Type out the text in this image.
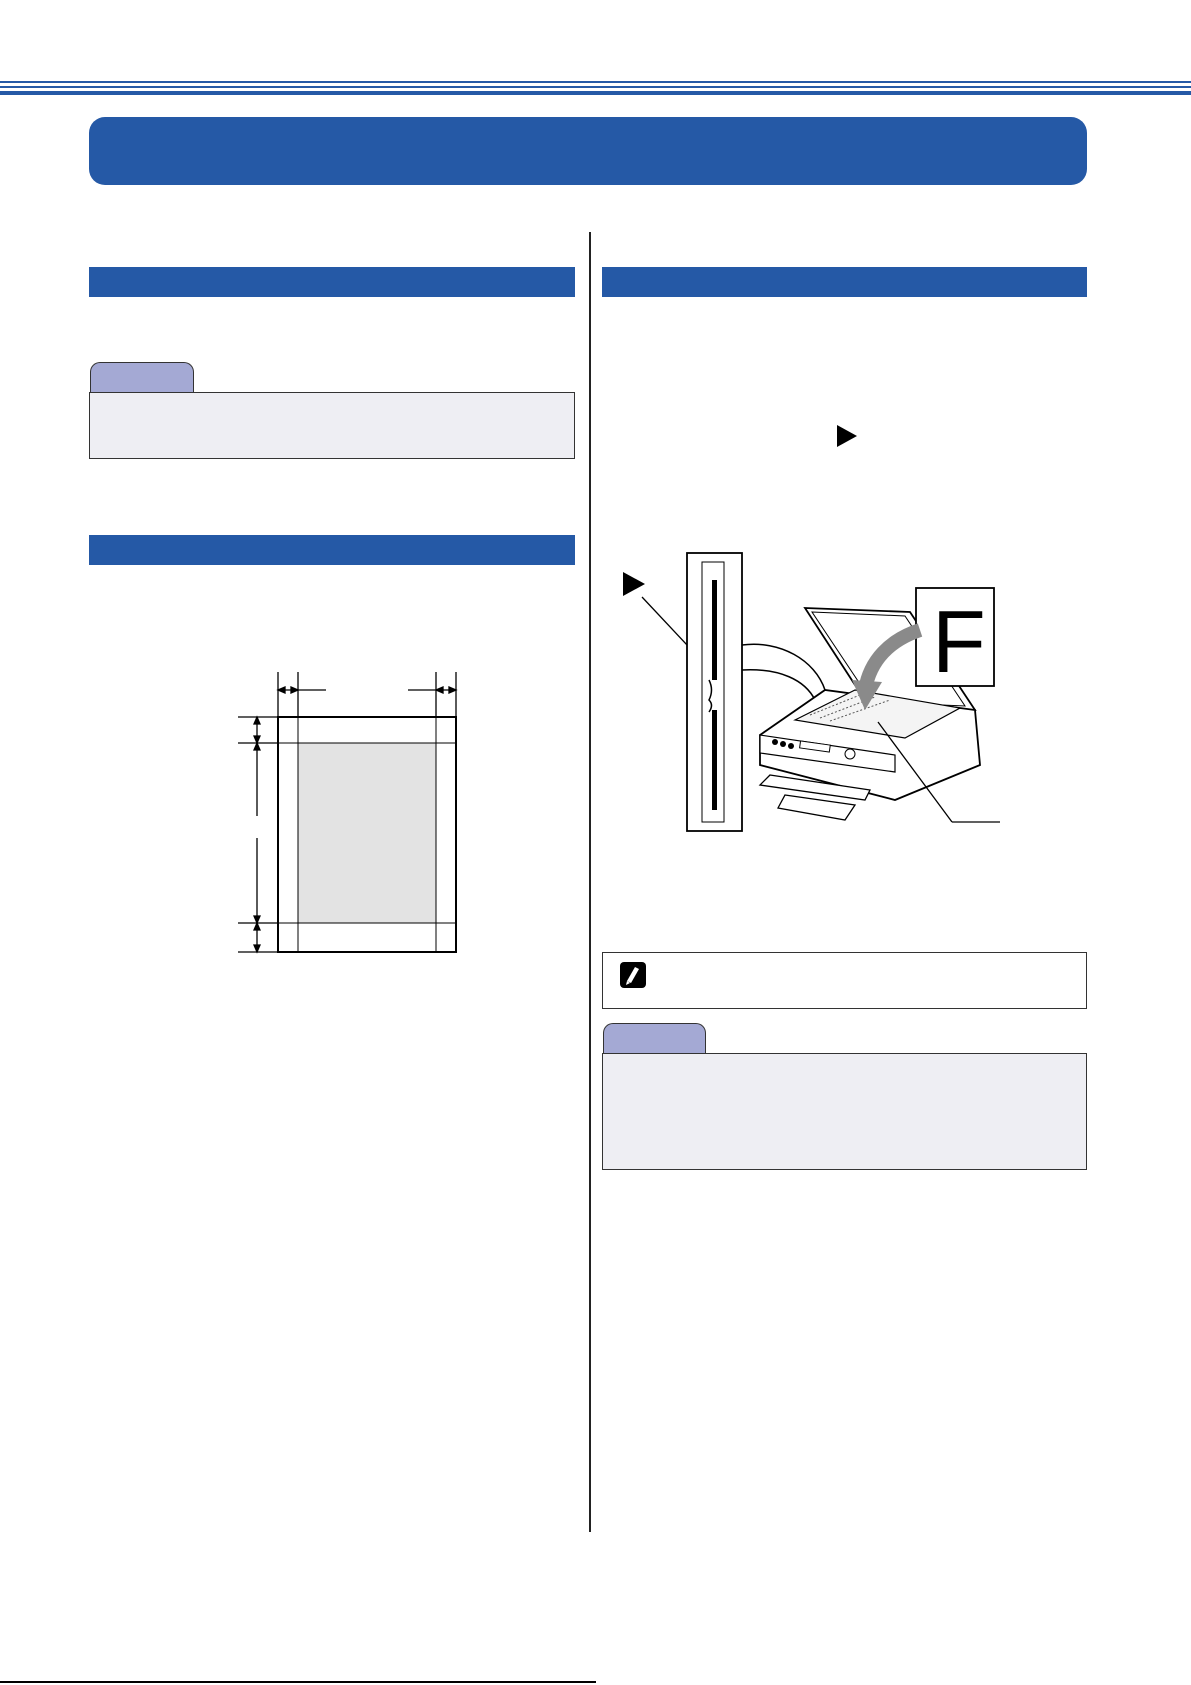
F
